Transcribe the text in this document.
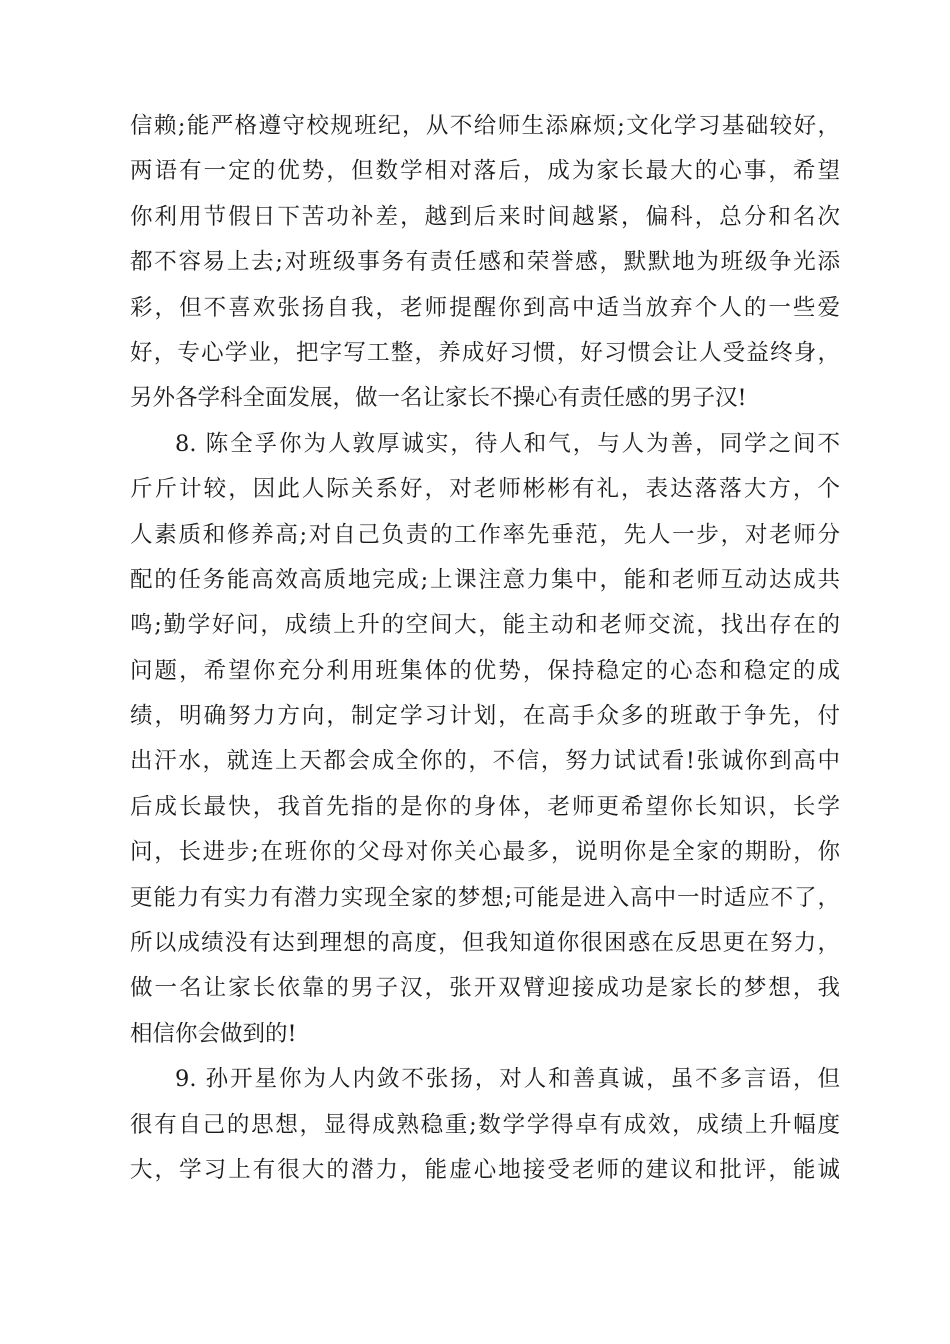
信赖;能严格遵守校规班纪，从不给师生添麻烦;文化学习基础较好，
两语有一定的优势，但数学相对落后，成为家长最大的心事，希望
你利用节假日下苦功补差，越到后来时间越紧，偏科，总分和名次
都不容易上去;对班级事务有责任感和荣誉感，默默地为班级争光添
彩，但不喜欢张扬自我，老师提醒你到高中适当放弃个人的一些爱
好，专心学业，把字写工整，养成好习惯，好习惯会让人受益终身，
另外各学科全面发展，做一名让家长不操心有责任感的男子汉!
8. 陈全孚你为人敦厚诚实，待人和气，与人为善，同学之间不
斤斤计较，因此人际关系好，对老师彬彬有礼，表达落落大方，个
人素质和修养高;对自己负责的工作率先垂范，先人一步，对老师分
配的任务能高效高质地完成;上课注意力集中，能和老师互动达成共
鸣;勤学好问，成绩上升的空间大，能主动和老师交流，找出存在的
问题，希望你充分利用班集体的优势，保持稳定的心态和稳定的成
绩，明确努力方向，制定学习计划，在高手众多的班敢于争先，付
出汗水，就连上天都会成全你的，不信，努力试试看!张诚你到高中
后成长最快，我首先指的是你的身体，老师更希望你长知识，长学
问，长进步;在班你的父母对你关心最多，说明你是全家的期盼，你
更能力有实力有潜力实现全家的梦想;可能是进入高中一时适应不了，
所以成绩没有达到理想的高度，但我知道你很困惑在反思更在努力，
做一名让家长依靠的男子汉，张开双臂迎接成功是家长的梦想，我
相信你会做到的!
9. 孙开星你为人内敛不张扬，对人和善真诚，虽不多言语，但
很有自己的思想，显得成熟稳重;数学学得卓有成效，成绩上升幅度
大，学习上有很大的潜力，能虚心地接受老师的建议和批评，能诚
